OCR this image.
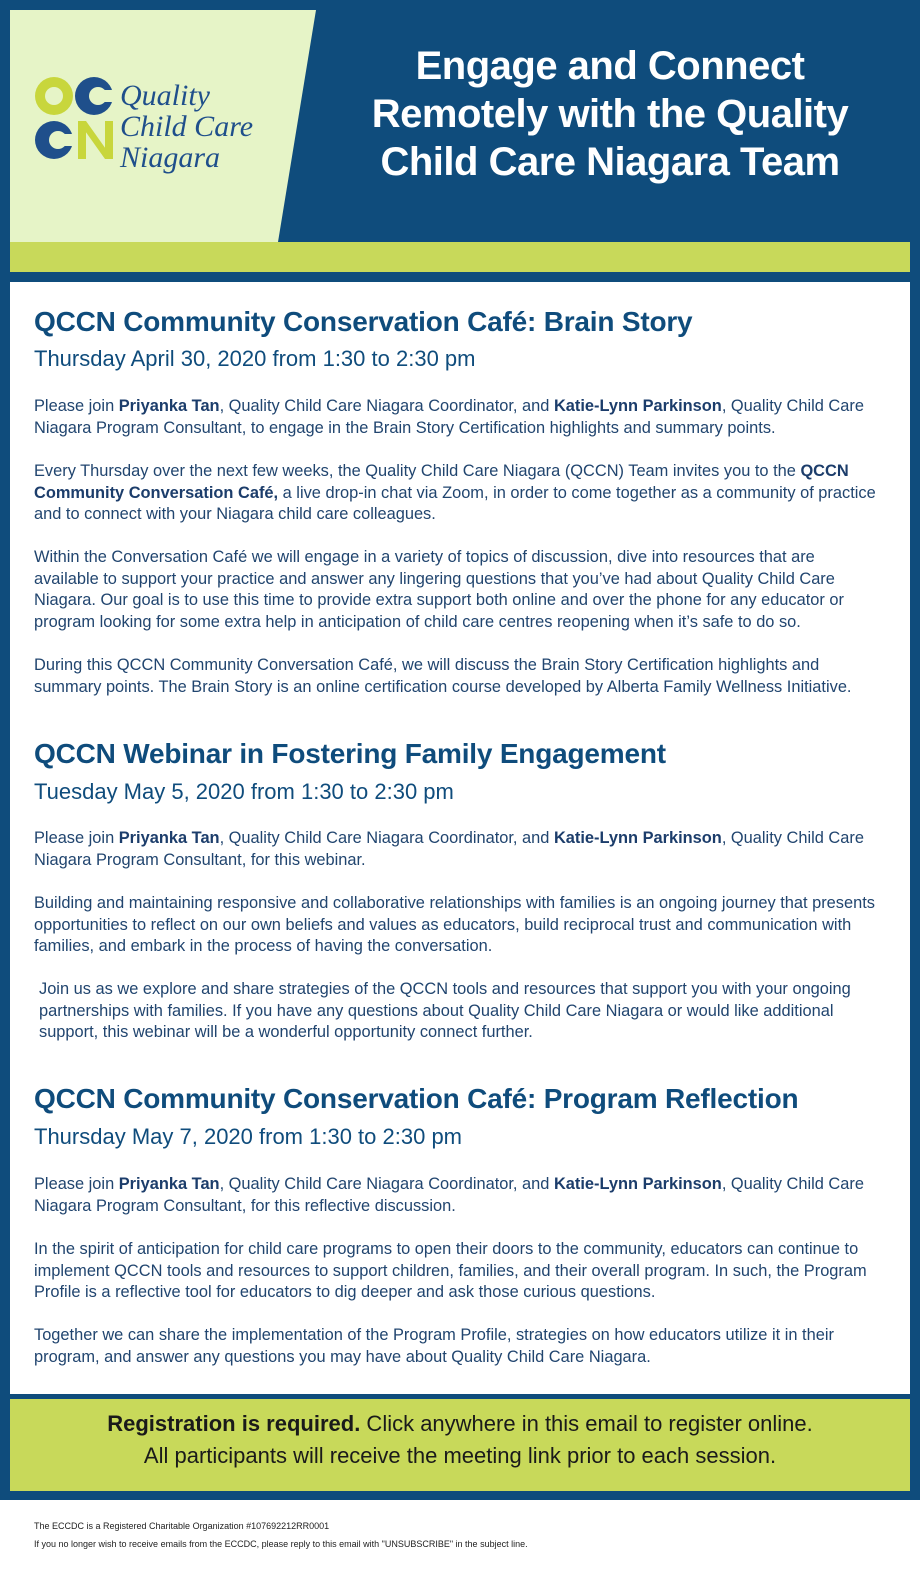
Q
Quality
Child Care
Niagara
Engage and Connect
Remotely with the Quality
Child Care Niagara Team
QCCN Community Conservation Café: Brain Story
Thursday April 30, 2020 from 1:30 to 2:30 pm

Please join Priyanka Tan, Quality Child Care Niagara Coordinator, and Katie-Lynn Parkinson, Quality Child Care Niagara Program Consultant, to engage in the Brain Story Certification highlights and summary points.

Every Thursday over the next few weeks, the Quality Child Care Niagara (QCCN) Team invites you to the QCCN Community Conversation Café, a live drop-in chat via Zoom, in order to come together as a community of practice and to connect with your Niagara child care colleagues.

Within the Conversation Café we will engage in a variety of topics of discussion, dive into resources that are available to support your practice and answer any lingering questions that you’ve had about Quality Child Care Niagara. Our goal is to use this time to provide extra support both online and over the phone for any educator or program looking for some extra help in anticipation of child care centres reopening when it’s safe to do so.

During this QCCN Community Conversation Café, we will discuss the Brain Story Certification highlights and summary points. The Brain Story is an online certification course developed by Alberta Family Wellness Initiative.

QCCN Webinar in Fostering Family Engagement
Tuesday May 5, 2020 from 1:30 to 2:30 pm

Please join Priyanka Tan, Quality Child Care Niagara Coordinator, and Katie-Lynn Parkinson, Quality Child Care Niagara Program Consultant, for this webinar.

Building and maintaining responsive and collaborative relationships with families is an ongoing journey that presents opportunities to reflect on our own beliefs and values as educators, build reciprocal trust and communication with families, and embark in the process of having the conversation.

Join us as we explore and share strategies of the QCCN tools and resources that support you with your ongoing partnerships with families. If you have any questions about Quality Child Care Niagara or would like additional support, this webinar will be a wonderful opportunity connect further.

QCCN Community Conservation Café: Program Reflection
Thursday May 7, 2020 from 1:30 to 2:30 pm

Please join Priyanka Tan, Quality Child Care Niagara Coordinator, and Katie-Lynn Parkinson, Quality Child Care Niagara Program Consultant, for this reflective discussion.

In the spirit of anticipation for child care programs to open their doors to the community, educators can continue to implement QCCN tools and resources to support children, families, and their overall program. In such, the Program Profile is a reflective tool for educators to dig deeper and ask those curious questions.

Together we can share the implementation of the Program Profile, strategies on how educators utilize it in their program, and answer any questions you may have about Quality Child Care Niagara.

Registration is required. Click anywhere in this email to register online.
All participants will receive the meeting link prior to each session.
The ECCDC is a Registered Charitable Organization #107692212RR0001
If you no longer wish to receive emails from the ECCDC, please reply to this email with "UNSUBSCRIBE" in the subject line.
